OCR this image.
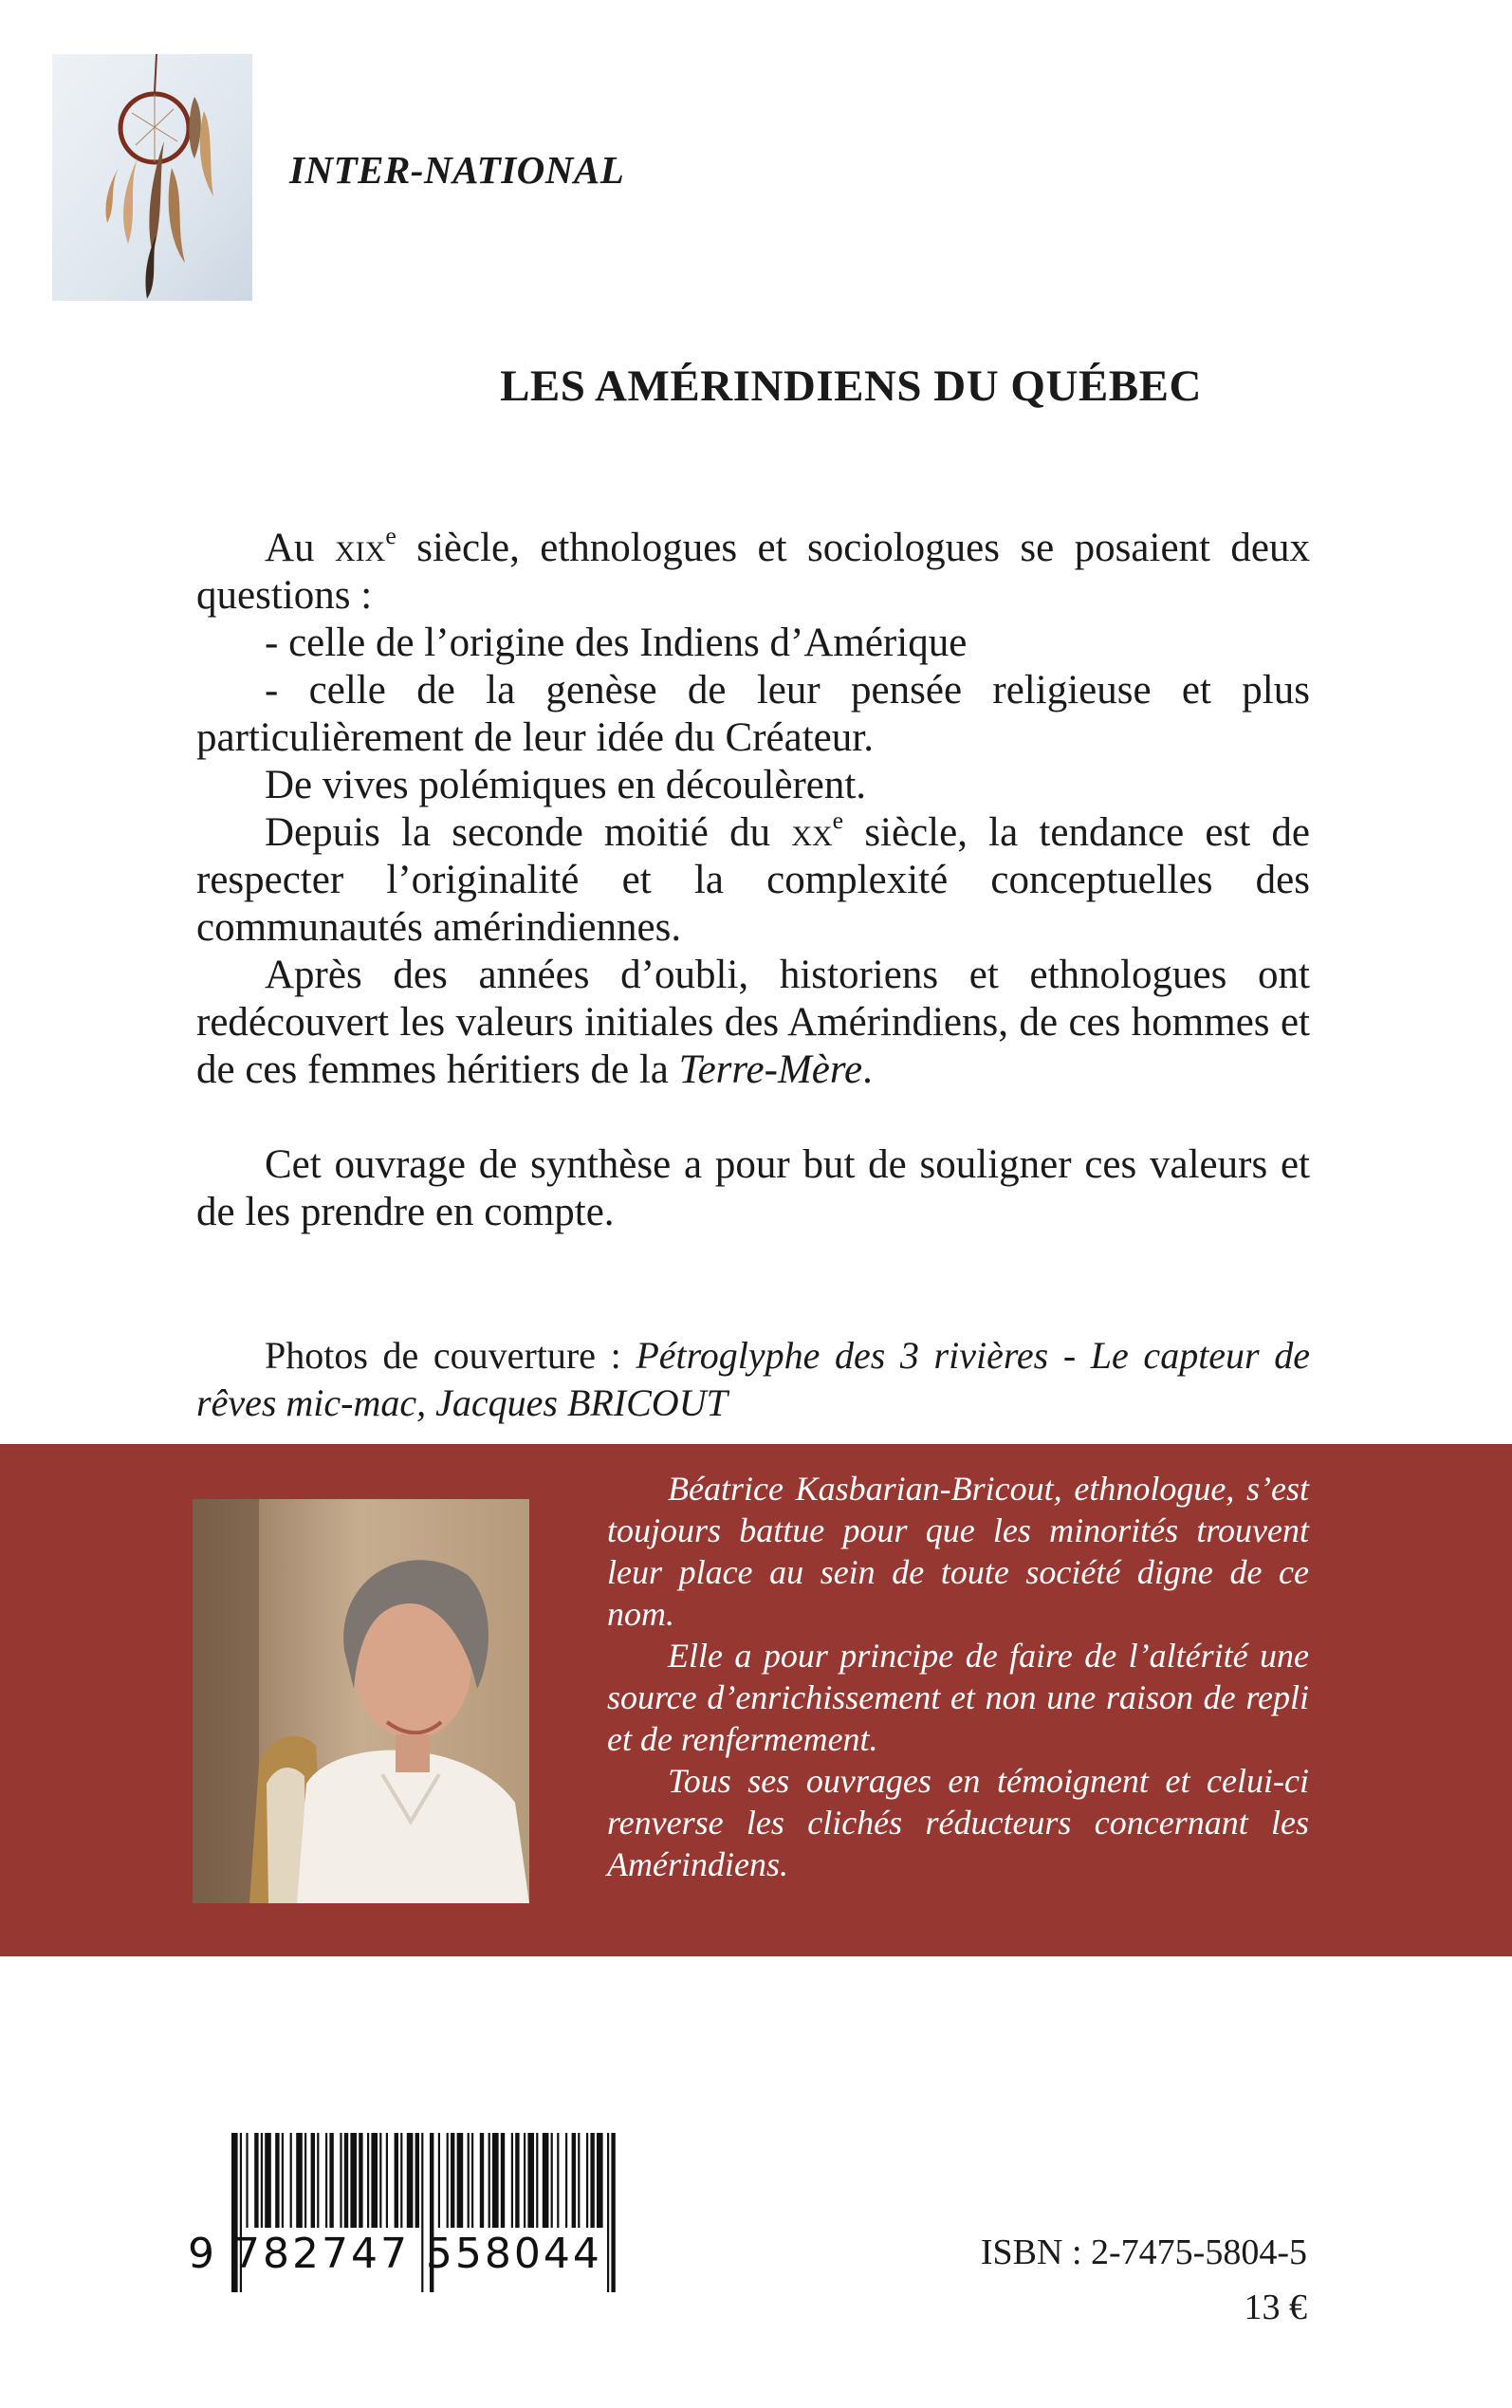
INTER-NATIONAL
LES AMÉRINDIENS DU QUÉBEC

Au xix$^e$ siècle, ethnologues et sociologues se posaient deux questions :

- celle de l’origine des Indiens d’Amérique

- celle de la genèse de leur pensée religieuse et plus particulièrement de leur idée du Créateur.

De vives polémiques en découlèrent.

Depuis la seconde moitié du $xx^e$ siècle, la tendance est de respecter l’originalité et la complexité conceptuelles des communautés amérindiennes.

Après des années d’oubli, historiens et ethnologues ont redécouvert les valeurs initiales des Amérindiens, de ces hommes et de ces femmes héritiers de la Terre-Mère.

Cet ouvrage de synthèse a pour but de souligner ces valeurs et de les prendre en compte.

Photos de couverture : Pétroglyphe des 3 rivières - Le capteur de rêves mic-mac, Jacques BRICOUT

Béatrice Kasbarian-Bricout, ethnologue, s’est toujours battue pour que les minorités trouvent leur place au sein de toute société digne de ce nom.

Elle a pour principe de faire de l’altérité une source d’enrichissement et non une raison de repli et de renfermement.

Tous ses ouvrages en témoignent et celui-ci renverse les clichés réducteurs concernant les Amérindiens.

9 782747 558044	ISBN : 2-7475-5804-5
13 €
